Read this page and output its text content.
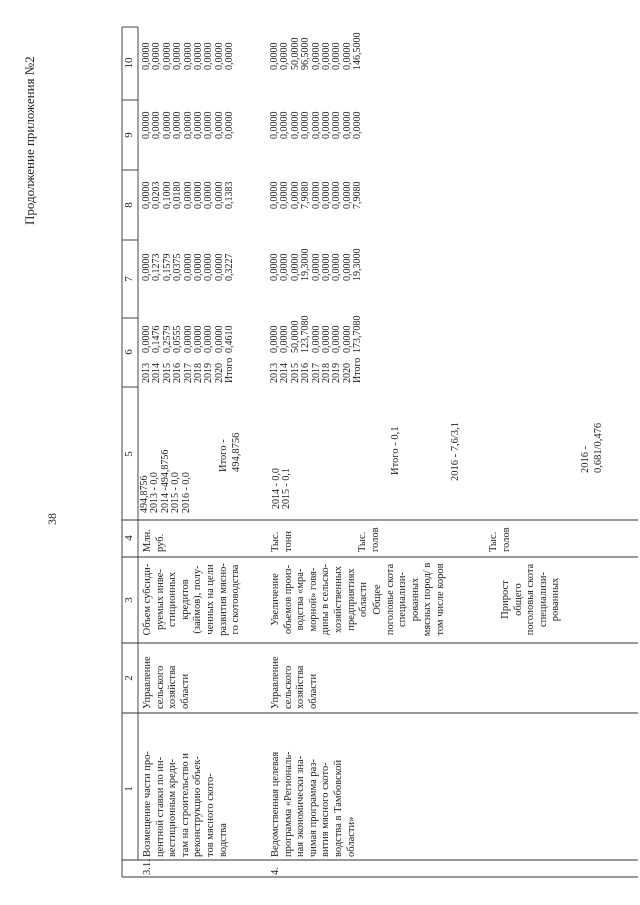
38
Продолжение приложения №2
1
2
3
4
5
6
7
8
9
10
3.1.
Возмещение части про-
центной ставки по ин-
вестиционным креди-
там на строительство и
реконструкцию объек-
тов мясного ското-
водства
Управление
сельского
хозяйства
области
Объем субсиди-
руемых инве-
стиционных
кредитов
(займов), полу-
ченных на цели
развития мясно-
го скотоводства
Млн.
руб.
494,8756
2013 - 0,0
2014 -494,8756
2015 - 0,0
2016 - 0,0
Итого -
494,8756
2013
2014
2015
2016
2017
2018
2019
2020
Итого
0,0000
0,1476
0,2579
0,0555
0,0000
0,0000
0,0000
0,0000
0,4610
0,0000
0,1273
0,1579
0,0375
0,0000
0,0000
0,0000
0,0000
0,3227
0,0000
0,0203
0,1000
0,0180
0,0000
0,0000
0,0000
0,0000
0,1383
0,0000
0,0000
0,0000
0,0000
0,0000
0,0000
0,0000
0,0000
0,0000
0,0000
0,0000
0,0000
0,0000
0,0000
0,0000
0,0000
0,0000
0,0000
4.
Ведомственная целевая
программа «Региональ-
ная экономически зна-
чимая программа раз-
вития мясного ското-
водства в Тамбовской
области»
Управление
сельского
хозяйства
области
Увеличение
объемов произ-
водства «мра-
морной» говя-
дины в сельско-
хозяйственных
предприятиях
области
Тыс.
тонн
2014 - 0,0
2015 - 0,1	Итого - 0,1
2013
2014
2015
2016
2017
2018
2019
2020
Итого
0,0000
0,0000
50,0000
123,7080
0,0000
0,0000
0,0000
0,0000
173,7080
0,0000
0,0000
0,0000
19,3000
0,0000
0,0000
0,0000
0,0000
19,3000
0,0000
0,0000
0,0000
7,9080
0,0000
0,0000
0,0000
0,0000
7,9080
0,0000
0,0000
0,0000
0,0000
0,0000
0,0000
0,0000
0,0000
0,0000
0,0000
0,0000
50,0000
96,5000
0,0000
0,0000
0,0000
0,0000
146,5000
Общее
поголовье скота
специализи-
рованных
мясных пород/ в
том числе коров
Тыс.
голов
2016 - 7,6/3,1
Прирост
общего
поголовья скота
специализи-
рованных
Тыс.
голов
2016 -
0,681/0,476
